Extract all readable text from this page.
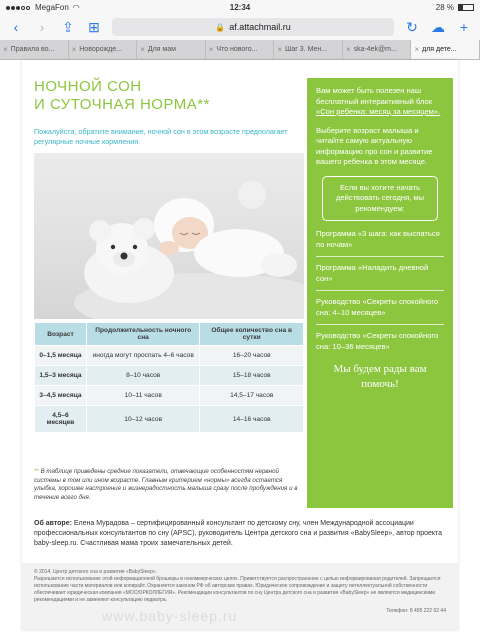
MegaFon ◠	12:34	28 %
‹	›	⇪ ⊞	🔒 af.attachmail.ru	↻ ☁ +
× Правила во... × Новорожде... × Для мам	× Что нового... × Шаг 3. Мен... × ska-4ek@m... × для дете...
НОЧНОЙ СОН
И СУТОЧНАЯ НОРМА**
Пожалуйста, обратите внимание, ночной сон в этом возрасте предполагает регулярные ночные кормления.
Возраст	Продолжительность ночного сна	Общее количество сна в сутки
0–1,5 месяца	иногда могут проспать 4–6 часов	16–20 часов
1,5–3 месяца	8–10 часов	15–18 часов
3–4,5 месяца	10–11 часов	14,5–17 часов
4,5–6 месяцев	10–12 часов	14–16 часов
** В таблице приведены средние показатели, отвечающие особенностям нервной системы в том или ином возрасте. Главным критерием «нормы» всегда остается улыбка, хорошее настроение и жизнерадостность малыша сразу после пробуждения и в течение всего дня.

Вам может быть полезен наш бесплатный интерактивный блок «Сон ребенка: месяц за месяцем».

Выберите возраст малыша и читайте самую актуальную информацию про сон и развитие вашего ребенка в этом месяце.

Если вы хотите начать действовать сегодня, мы рекомендуем:
Программа «3 шага: как выспаться по ночам»
Программа «Наладить дневной сон»
Руководство «Секреты спокойного сна: 4–10 месяцев»
Руководство «Секреты спокойного сна: 10–36 месяцев»
Мы будем рады вам помочь!
Об авторе: Елена Мурадова – сертифицированный консультант по детскому сну, член Международной ассоциации профессиональных консультантов по сну (APSC), руководитель Центра детского сна и развития «BabySleep», автор проекта baby-sleep.ru. Счастливая мама троих замечательных детей.
© 2014. Центр детского сна и развития «BabySleep».
Разрешается использование этой информационной брошюры в некоммерческих целях. Приветствуется распространение с целью информирования родителей. Запрещается использование части материалов или копирайт. Охраняется законом РФ об авторских правах. Юридическое сопровождение и защиту интеллектуальной собственности обеспечивает юридическая компания «МОСЮРКОЛЛЕГИЯ». Рекомендации консультантов по сну Центра детского сна и развития «BabySleep» не являются медицинскими рекомендациями и не заменяют консультацию педиатра.
Телефон: 8 495 222 02 44
www.baby-sleep.ru
